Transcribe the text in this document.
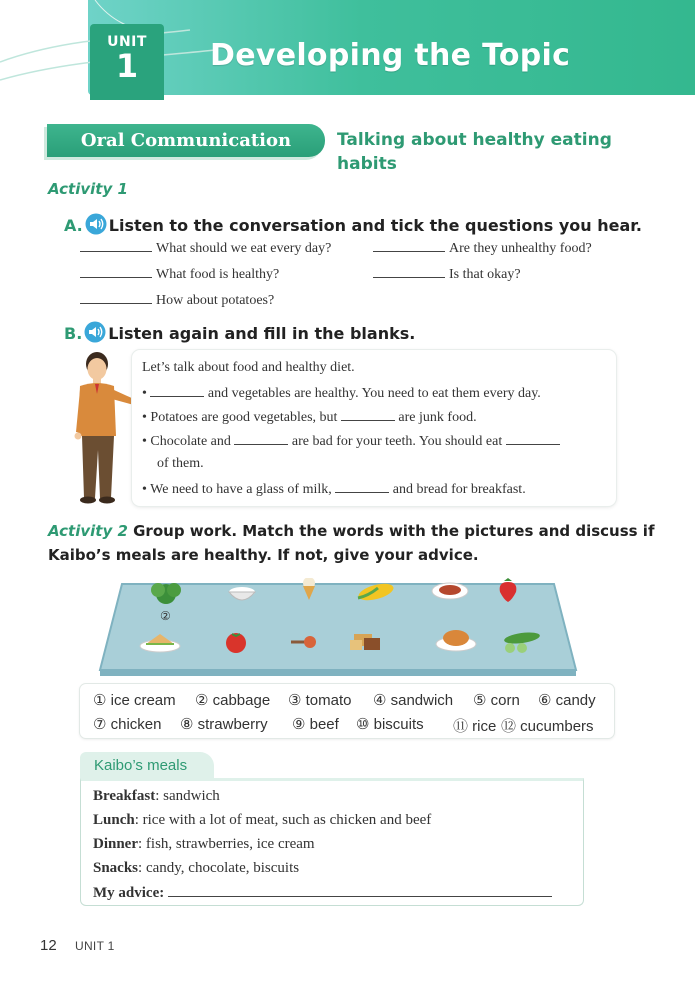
UNIT
1	Developing the Topic
Oral Communication	Talking about healthy eating habits
Activity 1
A. Listen to the conversation and tick the questions you hear.
What should we eat every day?	Are they unhealthy food?
What food is healthy?	Is that okay?
How about potatoes?
B. Listen again and fill in the blanks.
Let’s talk about food and healthy diet.
•	and vegetables are healthy. You need to eat them every day.
• Potatoes are good vegetables, but	are junk food.
• Chocolate and	are bad for your teeth. You should eat
of them.
• We need to have a glass of milk,	and bread for breakfast.
Activity 2 Group work. Match the words with the pictures and discuss if
Kaibo’s meals are healthy. If not, give your advice.
②
① ice cream ② cabbage ③ tomato ④ sandwich ⑤ corn ⑥ candy
⑦ chicken ⑧ strawberry ⑨ beef ⑩ biscuits ⑪ rice ⑫ cucumbers
Kaibo’s meals
Breakfast: sandwich
Lunch: rice with a lot of meat, such as chicken and beef
Dinner: fish, strawberries, ice cream
Snacks: candy, chocolate, biscuits
My advice:
12 UNIT 1
